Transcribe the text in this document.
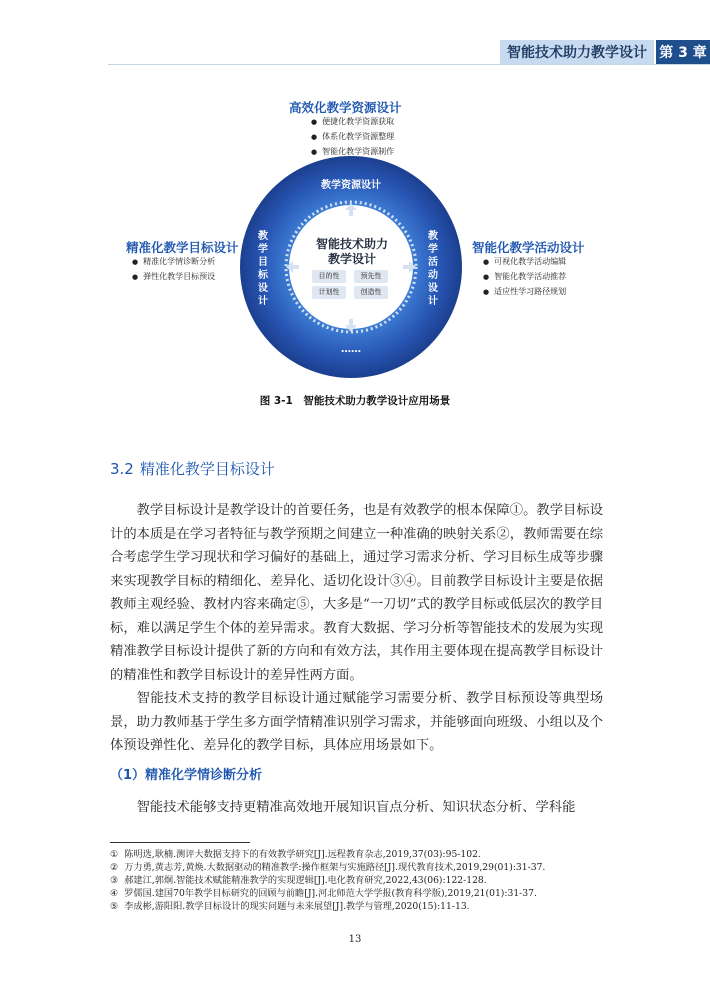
智能技术助力教学设计 第 3 章
高效化教学资源设计
● 便捷化教学资源获取
● 体系化教学资源整理
● 智能化教学资源制作
精准化教学目标设计
● 精准化学情诊断分析
● 弹性化教学目标预设
智能化教学活动设计
● 可视化教学活动编辑
● 智能化教学活动推荐
● 适应性学习路径规划
教学资源设计
教学目标设计
教学活动设计
……
智能技术助力
教学设计
目的性	预先性
计划性	创造性
图 3-1　智能技术助力教学设计应用场景
3.2 精准化教学目标设计

教学目标设计是教学设计的首要任务，也是有效教学的根本保障①。教学目标设计的本质是在学习者特征与教学预期之间建立一种准确的映射关系②，教师需要在综合考虑学生学习现状和学习偏好的基础上，通过学习需求分析、学习目标生成等步骤来实现教学目标的精细化、差异化、适切化设计③④。目前教学目标设计主要是依据教师主观经验、教材内容来确定⑤，大多是“一刀切”式的教学目标或低层次的教学目标，难以满足学生个体的差异需求。教育大数据、学习分析等智能技术的发展为实现精准教学目标设计提供了新的方向和有效方法，其作用主要体现在提高教学目标设计的精准性和教学目标设计的差异性两方面。

智能技术支持的教学目标设计通过赋能学习需要分析、教学目标预设等典型场景，助力教师基于学生多方面学情精准识别学习需求，并能够面向班级、小组以及个体预设弹性化、差异化的教学目标，具体应用场景如下。

（1）精准化学情诊断分析

智能技术能够支持更精准高效地开展知识盲点分析、知识状态分析、学科能

① 陈明选,耿楠.测评大数据支持下的有效教学研究[J].远程教育杂志,2019,37(03):95-102.
② 万力勇,黄志芳,黄焕.大数据驱动的精准教学:操作框架与实施路径[J].现代教育技术,2019,29(01):31-37.
③ 郝建江,郭炯.智能技术赋能精准教学的实现逻辑[J].电化教育研究,2022,43(06):122-128.
④ 罗儒国.建国70年教学目标研究的回顾与前瞻[J].河北师范大学学报(教育科学版),2019,21(01):31-37.
⑤ 李成彬,游阳阳.教学目标设计的现实问题与未来展望[J].教学与管理,2020(15):11-13.
13
